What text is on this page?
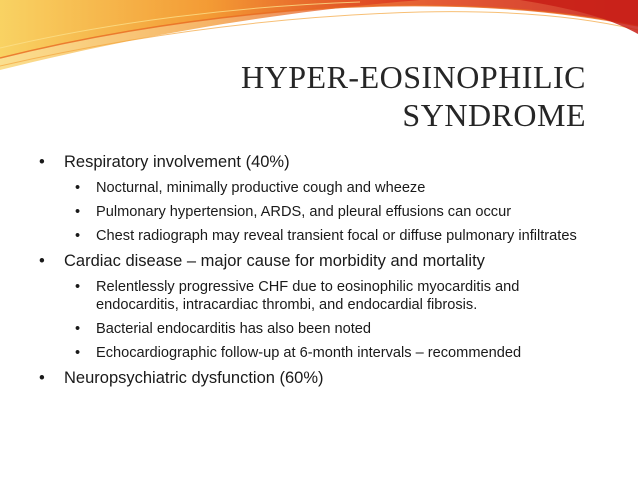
HYPER-EOSINOPHILIC
SYNDROME
• Respiratory involvement (40%)
• Nocturnal, minimally productive cough and wheeze
• Pulmonary hypertension, ARDS, and pleural effusions can occur
• Chest radiograph may reveal transient focal or diffuse pulmonary infiltrates
• Cardiac disease – major cause for morbidity and mortality
• Relentlessly progressive CHF due to eosinophilic myocarditis and endocarditis, intracardiac thrombi, and endocardial fibrosis.
• Bacterial endocarditis has also been noted
• Echocardiographic follow-up at 6-month intervals – recommended
• Neuropsychiatric dysfunction (60%)
